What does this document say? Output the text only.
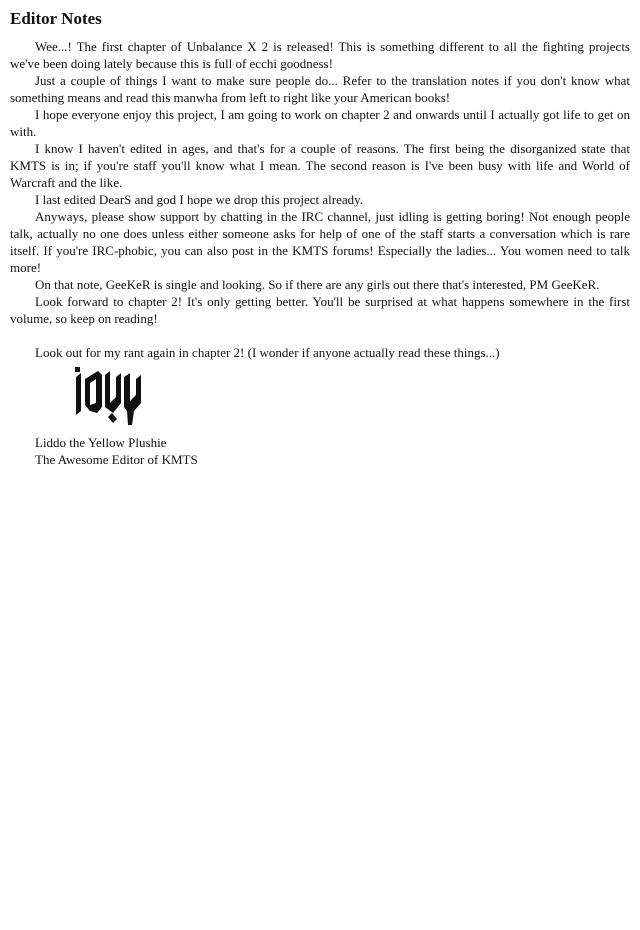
Editor Notes

Wee...! The first chapter of Unbalance X 2 is released! This is something different to all the fighting projects we've been doing lately because this is full of ecchi goodness!

Just a couple of things I want to make sure people do... Refer to the translation notes if you don't know what something means and read this manwha from left to right like your American books!

I hope everyone enjoy this project, I am going to work on chapter 2 and onwards until I actually got life to get on with.

I know I haven't edited in ages, and that's for a couple of reasons. The first being the disorganized state that KMTS is in; if you're staff you'll know what I mean. The second reason is I've been busy with life and World of Warcraft and the like.

I last edited DearS and god I hope we drop this project already.

Anyways, please show support by chatting in the IRC channel, just idling is getting boring! Not enough people talk, actually no one does unless either someone asks for help of one of the staff starts a conversation which is rare itself. If you're IRC-phobic, you can also post in the KMTS forums! Especially the ladies... You women need to talk more!

On that note, GeeKeR is single and looking. So if there are any girls out there that's interested, PM GeeKeR.

Look forward to chapter 2! It's only getting better. You'll be surprised at what happens somewhere in the first volume, so keep on reading!

Look out for my rant again in chapter 2! (I wonder if anyone actually read these things...)

Liddo the Yellow Plushie

The Awesome Editor of KMTS
